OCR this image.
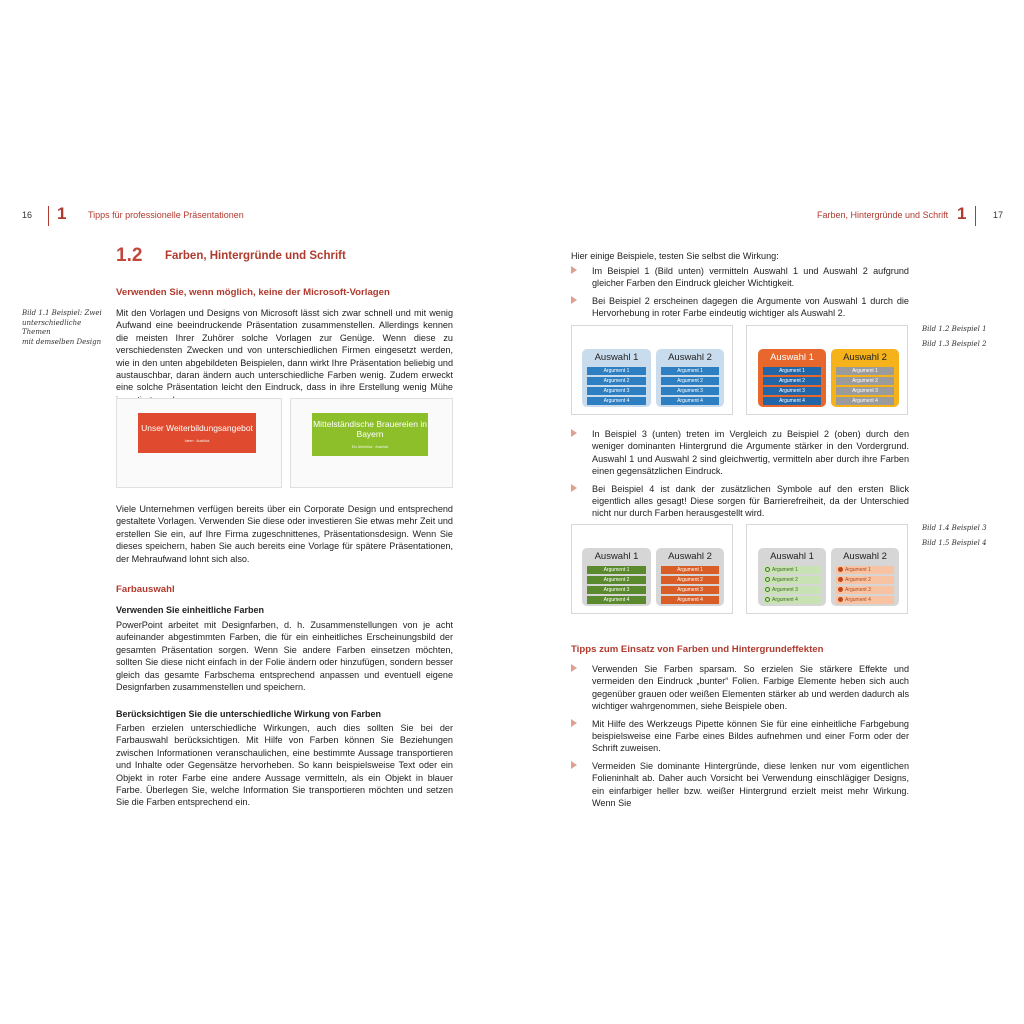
16 1 Tipps für professionelle Präsentationen
1.2 Farben, Hintergründe und Schrift
Verwenden Sie, wenn möglich, keine der Microsoft-Vorlagen
Bild 1.1 Beispiel: Zwei
unterschiedliche Themen
mit demselben Design
Mit den Vorlagen und Designs von Microsoft lässt sich zwar schnell und mit wenig Aufwand eine beeindruckende Präsentation zusammenstellen. Allerdings kennen die meisten Ihrer Zuhörer solche Vorlagen zur Genüge. Wenn diese zu verschiedensten Zwecken und von unterschiedlichen Firmen eingesetzt werden, wie in den unten abgebildeten Beispielen, dann wirkt Ihre Präsentation beliebig und austauschbar, daran ändern auch unterschiedliche Farben wenig. Zudem erweckt eine solche Präsentation leicht den Eindruck, dass in ihre Erstellung wenig Mühe
Unser Weiterbildungsangebot
Ideen · Ausblick
Mittelständische Brauereien in Bayern
Ein Überblick · Ausblick
Viele Unternehmen verfügen bereits über ein Corporate Design und entsprechend gestaltete Vorlagen. Verwenden Sie diese oder investieren Sie etwas mehr Zeit und erstellen Sie ein, auf Ihre Firma zugeschnittenes, Präsentationsdesign. Wenn Sie dieses speichern, haben Sie auch bereits eine Vorlage für spätere Präsentationen, der Mehraufwand lohnt sich also.
Farbauswahl
Verwenden Sie einheitliche Farben
PowerPoint arbeitet mit Designfarben, d. h. Zusammenstellungen von je acht aufeinander abgestimmten Farben, die für ein einheitliches Erscheinungsbild der gesamten Präsentation sorgen. Wenn Sie andere Farben einsetzen möchten, sollten Sie diese nicht einfach in der Folie ändern oder hinzufügen, sondern besser gleich das gesamte Farbschema entsprechend anpassen und eventuell eigene Designfarben zusammenstellen und speichern.
Berücksichtigen Sie die unterschiedliche Wirkung von Farben
Farben erzielen unterschiedliche Wirkungen, auch dies sollten Sie bei der Farbauswahl berücksichtigen. Mit Hilfe von Farben können Sie Beziehungen zwischen Informationen veranschaulichen, eine bestimmte Aussage transportieren und Inhalte oder Gegensätze hervorheben. So kann beispielsweise Text oder ein Objekt in roter Farbe eine andere Aussage vermitteln, als ein Objekt in blauer Farbe. Überlegen Sie, welche Information Sie transportieren möchten und setzen Sie die Farben entsprechend ein.
Farben, Hintergründe und Schrift 1	17
Hier einige Beispiele, testen Sie selbst die Wirkung:
Im Beispiel 1 (Bild unten) vermitteln Auswahl 1 und Auswahl 2 aufgrund gleicher Farben den Eindruck gleicher Wichtigkeit.
Bei Beispiel 2 erscheinen dagegen die Argumente von Auswahl 1 durch die Hervorhebung in roter Farbe eindeutig wichtiger als Auswahl 2.
Bild 1.2 Beispiel 1
Bild 1.3 Beispiel 2
Auswahl 1
Argument 1
Argument 2
Argument 3
Argument 4
Auswahl 2
Argument 1
Argument 2
Argument 3
Argument 4
Auswahl 1
Argument 1
Argument 2
Argument 3
Argument 4
Auswahl 2
Argument 1
Argument 2
Argument 3
Argument 4
In Beispiel 3 (unten) treten im Vergleich zu Beispiel 2 (oben) durch den weniger dominanten Hintergrund die Argumente stärker in den Vordergrund. Auswahl 1 und Auswahl 2 sind gleichwertig, vermitteln aber durch ihre Farben einen gegensätzlichen Eindruck.
Bei Beispiel 4 ist dank der zusätzlichen Symbole auf den ersten Blick eigentlich alles gesagt! Diese sorgen für Barrierefreiheit, da der Unterschied nicht nur durch Farben herausgestellt wird.
Bild 1.4 Beispiel 3
Bild 1.5 Beispiel 4
Auswahl 1
Argument 1
Argument 2
Argument 3
Argument 4
Auswahl 2
Argument 1
Argument 2
Argument 3
Argument 4
Auswahl 1
Argument 1
Argument 2
Argument 3
Argument 4
Auswahl 2
Argument 1
Argument 2
Argument 3
Argument 4
Tipps zum Einsatz von Farben und Hintergrundeffekten
Verwenden Sie Farben sparsam. So erzielen Sie stärkere Effekte und vermeiden den Eindruck „bunter“ Folien. Farbige Elemente heben sich auch gegenüber grauen oder weißen Elementen stärker ab und werden dadurch als wichtiger wahrgenommen, siehe Beispiele oben.
Mit Hilfe des Werkzeugs Pipette können Sie für eine einheitliche Farbgebung beispielsweise eine Farbe eines Bildes aufnehmen und einer Form oder der Schrift zuweisen.
Vermeiden Sie dominante Hintergründe, diese lenken nur vom eigentlichen Folieninhalt ab. Daher auch Vorsicht bei Verwendung einschlägiger Designs, ein einfarbiger heller bzw. weißer Hintergrund erzielt meist mehr Wirkung. Wenn Sie
